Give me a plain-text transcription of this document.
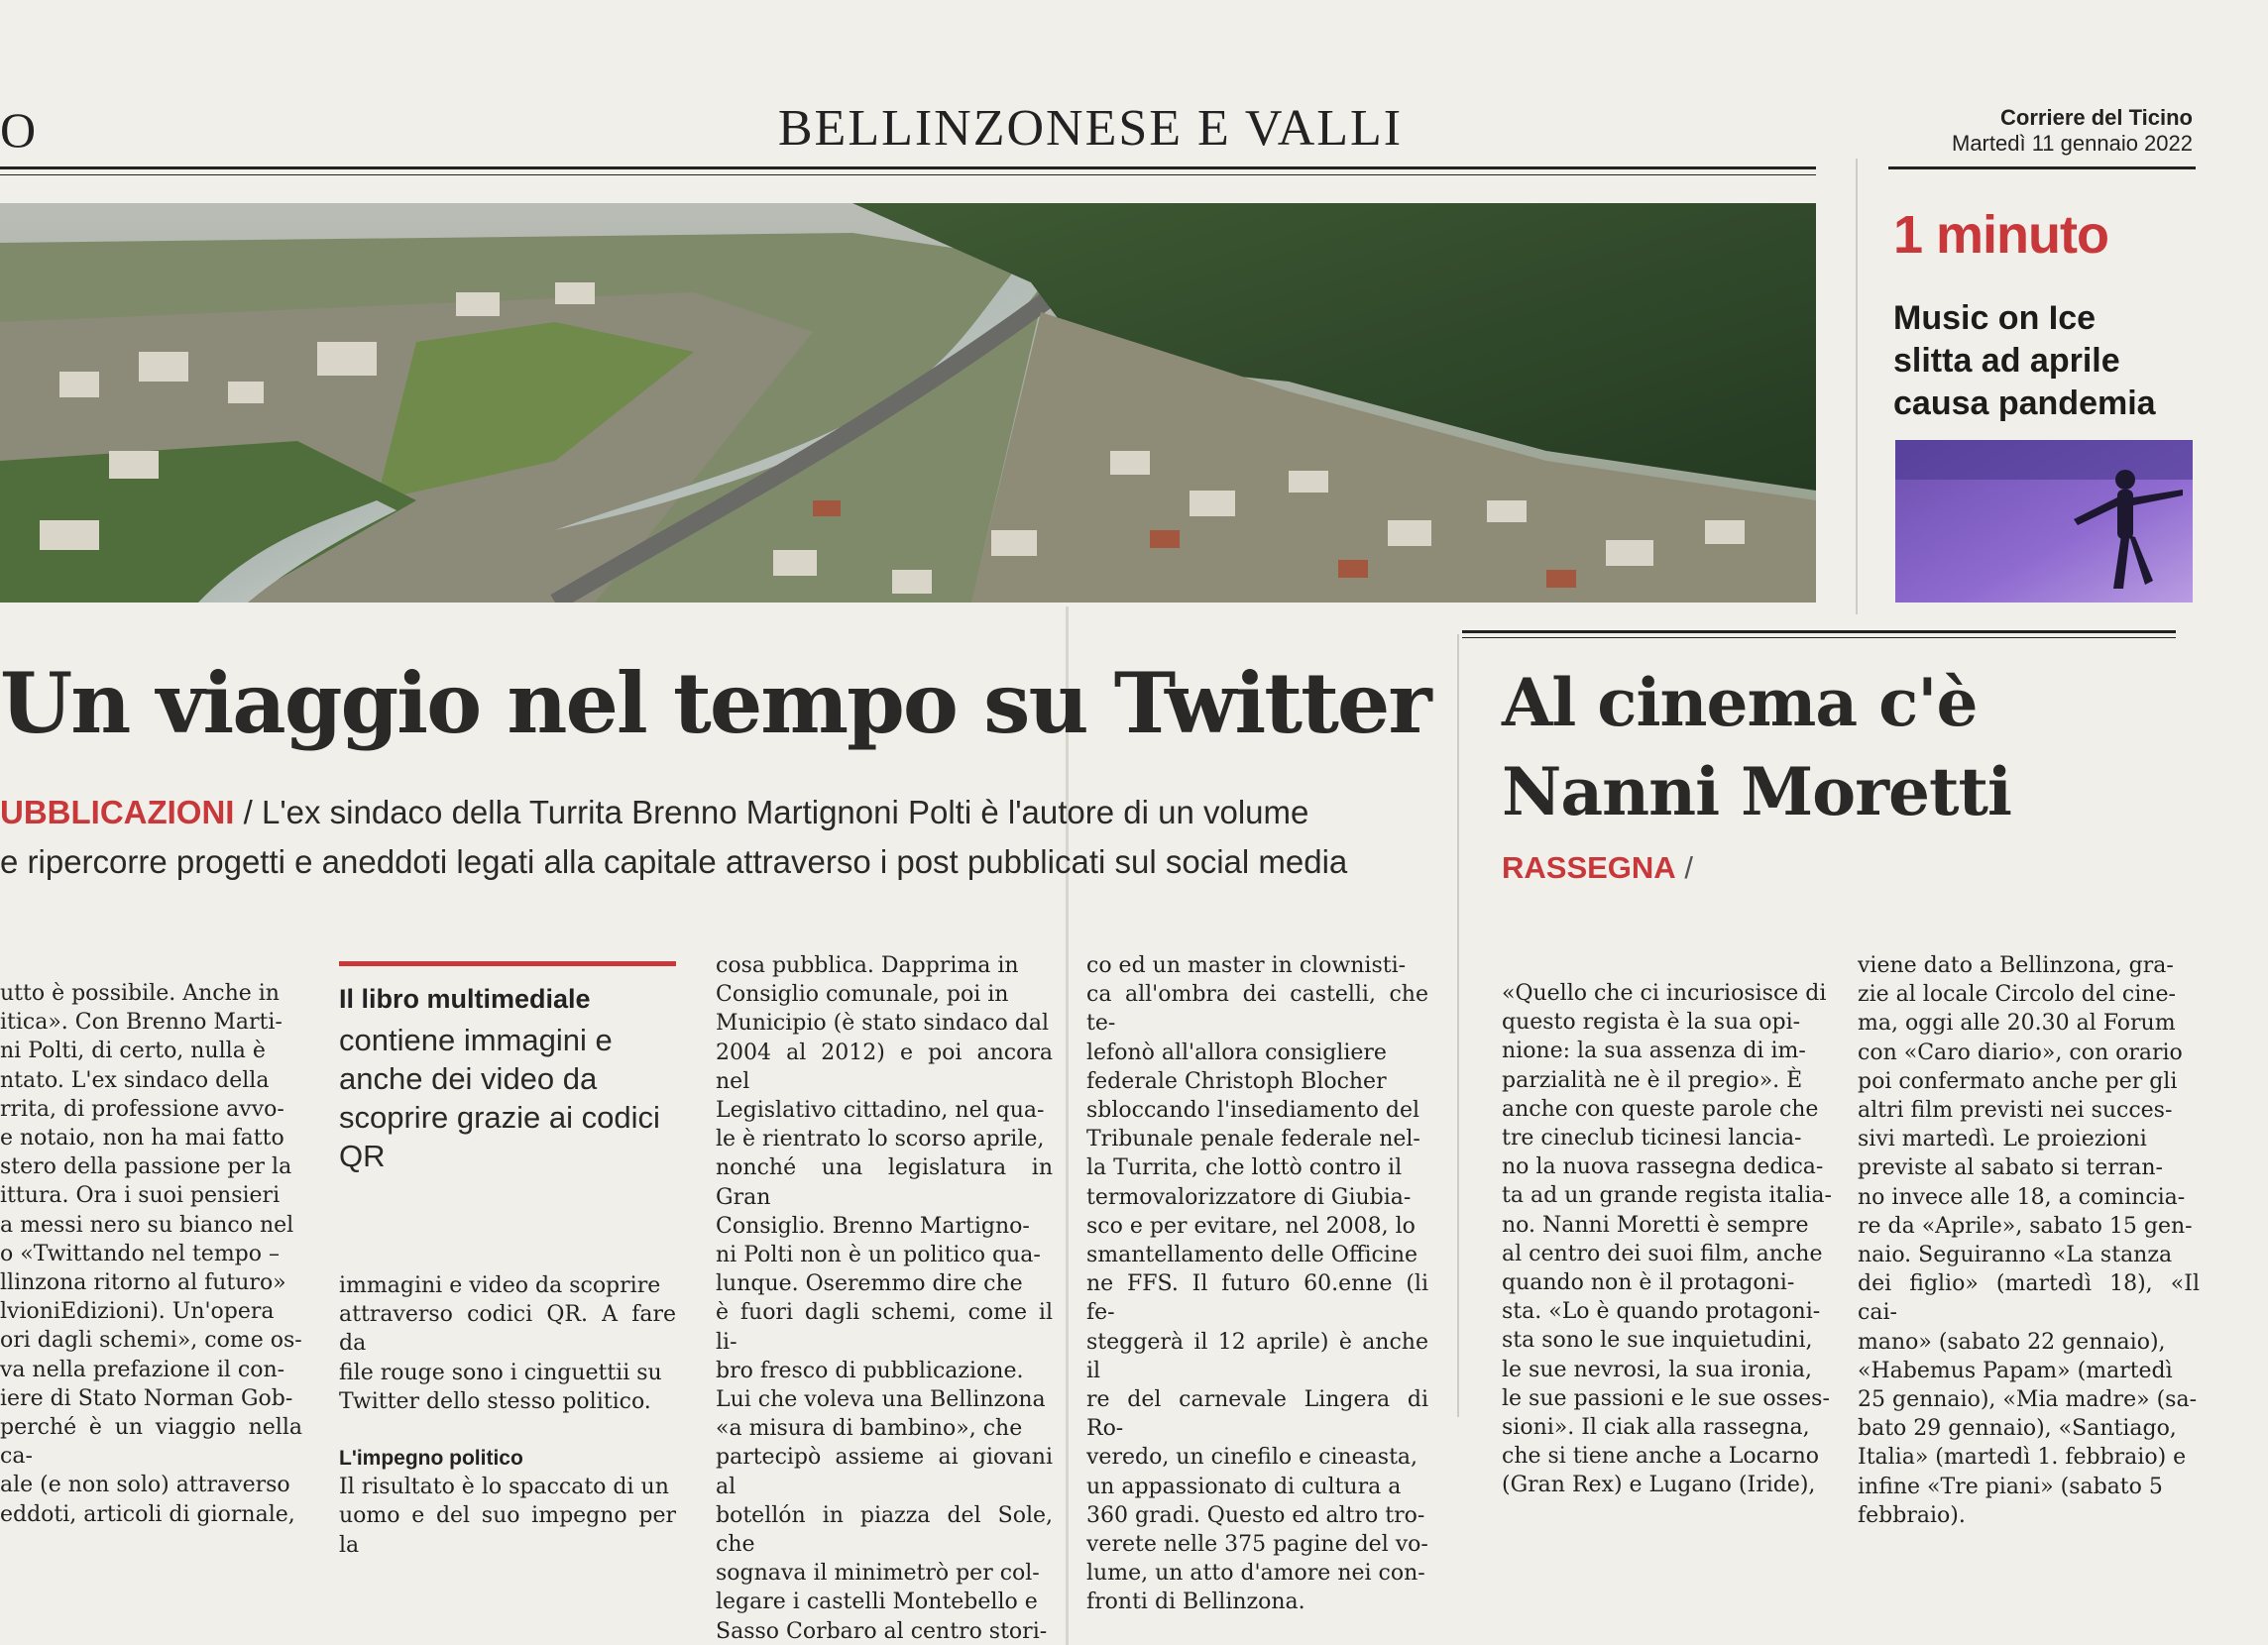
O	BELLINZONESE E VALLI	Corriere del Ticino
Martedì 11 gennaio 2022
1 minuto
Music on Ice
slitta ad aprile
causa pandemia
Un viaggio nel tempo su Twitter
UBBLICAZIONI / L'ex sindaco della Turrita Brenno Martignoni Polti è l'autore di un volume
e ripercorre progetti e aneddoti legati alla capitale attraverso i post pubblicati sul social media
Al cinema c'è
Nanni Moretti
RASSEGNA /

utto è possibile. Anche in

itica». Con Brenno Marti-

ni Polti, di certo, nulla è

ntato. L'ex sindaco della

rrita, di professione avvo-

e notaio, non ha mai fatto

stero della passione per la

ittura. Ora i suoi pensieri

a messi nero su bianco nel

o «Twittando nel tempo –

llinzona ritorno al futuro»

lvioniEdizioni). Un'opera

ori dagli schemi», come os-

va nella prefazione il con-

iere di Stato Norman Gob-

perché è un viaggio nella ca-

ale (e non solo) attraverso

eddoti, articoli di giornale,

Il libro multimediale
contiene immagini e anche dei video da scoprire grazie ai codici QR

immagini e video da scoprire

attraverso codici QR. A fare da

file rouge sono i cinguettii su

Twitter dello stesso politico.

L'impegno politico

Il risultato è lo spaccato di un

uomo e del suo impegno per la

cosa pubblica. Dapprima in

Consiglio comunale, poi in

Municipio (è stato sindaco dal

2004 al 2012) e poi ancora nel

Legislativo cittadino, nel qua-

le è rientrato lo scorso aprile,

nonché una legislatura in Gran

Consiglio. Brenno Martigno-

ni Polti non è un politico qua-

lunque. Oseremmo dire che

è fuori dagli schemi, come il li-

bro fresco di pubblicazione.

Lui che voleva una Bellinzona

«a misura di bambino», che

partecipò assieme ai giovani al

botellón in piazza del Sole, che

sognava il minimetrò per col-

legare i castelli Montebello e

Sasso Corbaro al centro stori-

co ed un master in clownisti-

ca all'ombra dei castelli, che te-

lefonò all'allora consigliere

federale Christoph Blocher

sbloccando l'insediamento del

Tribunale penale federale nel-

la Turrita, che lottò contro il

termovalorizzatore di Giubia-

sco e per evitare, nel 2008, lo

smantellamento delle Officine

ne FFS. Il futuro 60.enne (li fe-

steggerà il 12 aprile) è anche il

re del carnevale Lingera di Ro-

veredo, un cinefilo e cineasta,

un appassionato di cultura a

360 gradi. Questo ed altro tro-

verete nelle 375 pagine del vo-

lume, un atto d'amore nei con-

fronti di Bellinzona.

«Quello che ci incuriosisce di

questo regista è la sua opi-

nione: la sua assenza di im-

parzialità ne è il pregio». È

anche con queste parole che

tre cineclub ticinesi lancia-

no la nuova rassegna dedica-

ta ad un grande regista italia-

no. Nanni Moretti è sempre

al centro dei suoi film, anche

quando non è il protagoni-

sta. «Lo è quando protagoni-

sta sono le sue inquietudini,

le sue nevrosi, la sua ironia,

le sue passioni e le sue osses-

sioni». Il ciak alla rassegna,

che si tiene anche a Locarno

(Gran Rex) e Lugano (Iride),

viene dato a Bellinzona, gra-

zie al locale Circolo del cine-

ma, oggi alle 20.30 al Forum

con «Caro diario», con orario

poi confermato anche per gli

altri film previsti nei succes-

sivi martedì. Le proiezioni

previste al sabato si terran-

no invece alle 18, a comincia-

re da «Aprile», sabato 15 gen-

naio. Seguiranno «La stanza

dei figlio» (martedì 18), «Il cai-

mano» (sabato 22 gennaio),

«Habemus Papam» (martedì

25 gennaio), «Mia madre» (sa-

bato 29 gennaio), «Santiago,

Italia» (martedì 1. febbraio) e

infine «Tre piani» (sabato 5

febbraio).
